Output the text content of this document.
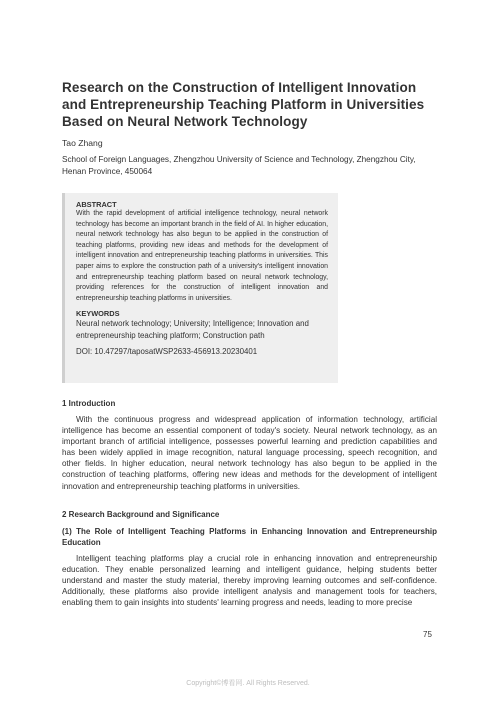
Research on the Construction of Intelligent Innovation and Entrepreneurship Teaching Platform in Universities Based on Neural Network Technology
Tao Zhang
School of Foreign Languages, Zhengzhou University of Science and Technology, Zhengzhou City, Henan Province, 450064

ABSTRACT

With the rapid development of artificial intelligence technology, neural network technology has become an important branch in the field of AI. In higher education, neural network technology has also begun to be applied in the construction of teaching platforms, providing new ideas and methods for the development of intelligent innovation and entrepreneurship teaching platforms in universities. This paper aims to explore the construction path of a university's intelligent innovation and entrepreneurship teaching platform based on neural network technology, providing references for the construction of intelligent innovation and entrepreneurship teaching platforms in universities.

KEYWORDS

Neural network technology; University; Intelligence; Innovation and entrepreneurship teaching platform; Construction path

DOI: 10.47297/taposatWSP2633-456913.20230401

1 Introduction

With the continuous progress and widespread application of information technology, artificial intelligence has become an essential component of today's society. Neural network technology, as an important branch of artificial intelligence, possesses powerful learning and prediction capabilities and has been widely applied in image recognition, natural language processing, speech recognition, and other fields. In higher education, neural network technology has also begun to be applied in the construction of teaching platforms, offering new ideas and methods for the development of intelligent innovation and entrepreneurship teaching platforms in universities.

2 Research Background and Significance

(1) The Role of Intelligent Teaching Platforms in Enhancing Innovation and Entrepreneurship Education

Intelligent teaching platforms play a crucial role in enhancing innovation and entrepreneurship education. They enable personalized learning and intelligent guidance, helping students better understand and master the study material, thereby improving learning outcomes and self-confidence. Additionally, these platforms also provide intelligent analysis and management tools for teachers, enabling them to gain insights into students' learning progress and needs, leading to more precise

75
Copyright©博看网. All Rights Reserved.
